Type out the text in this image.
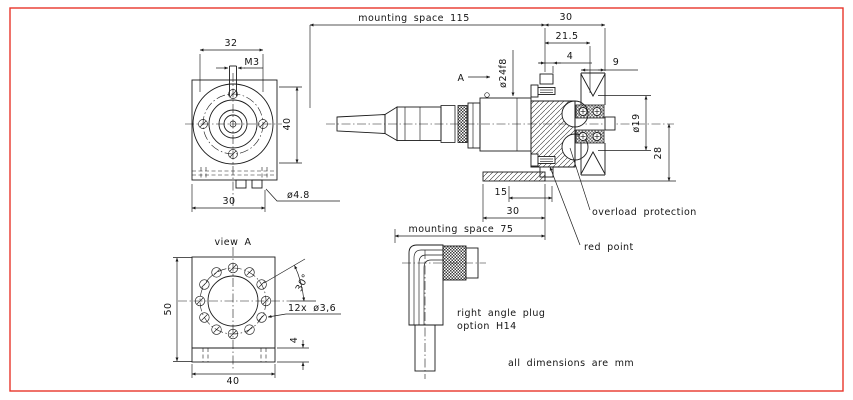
M3
ø4.8
32
40
30
view A
30°
12x ø3,6
4
50
40
mounting space 115	30
21.5
4
9
ø24f8
A
ø19
28
15
30	overload protection
red point
mounting space 75
right angle plug
option H14
all dimensions are mm
